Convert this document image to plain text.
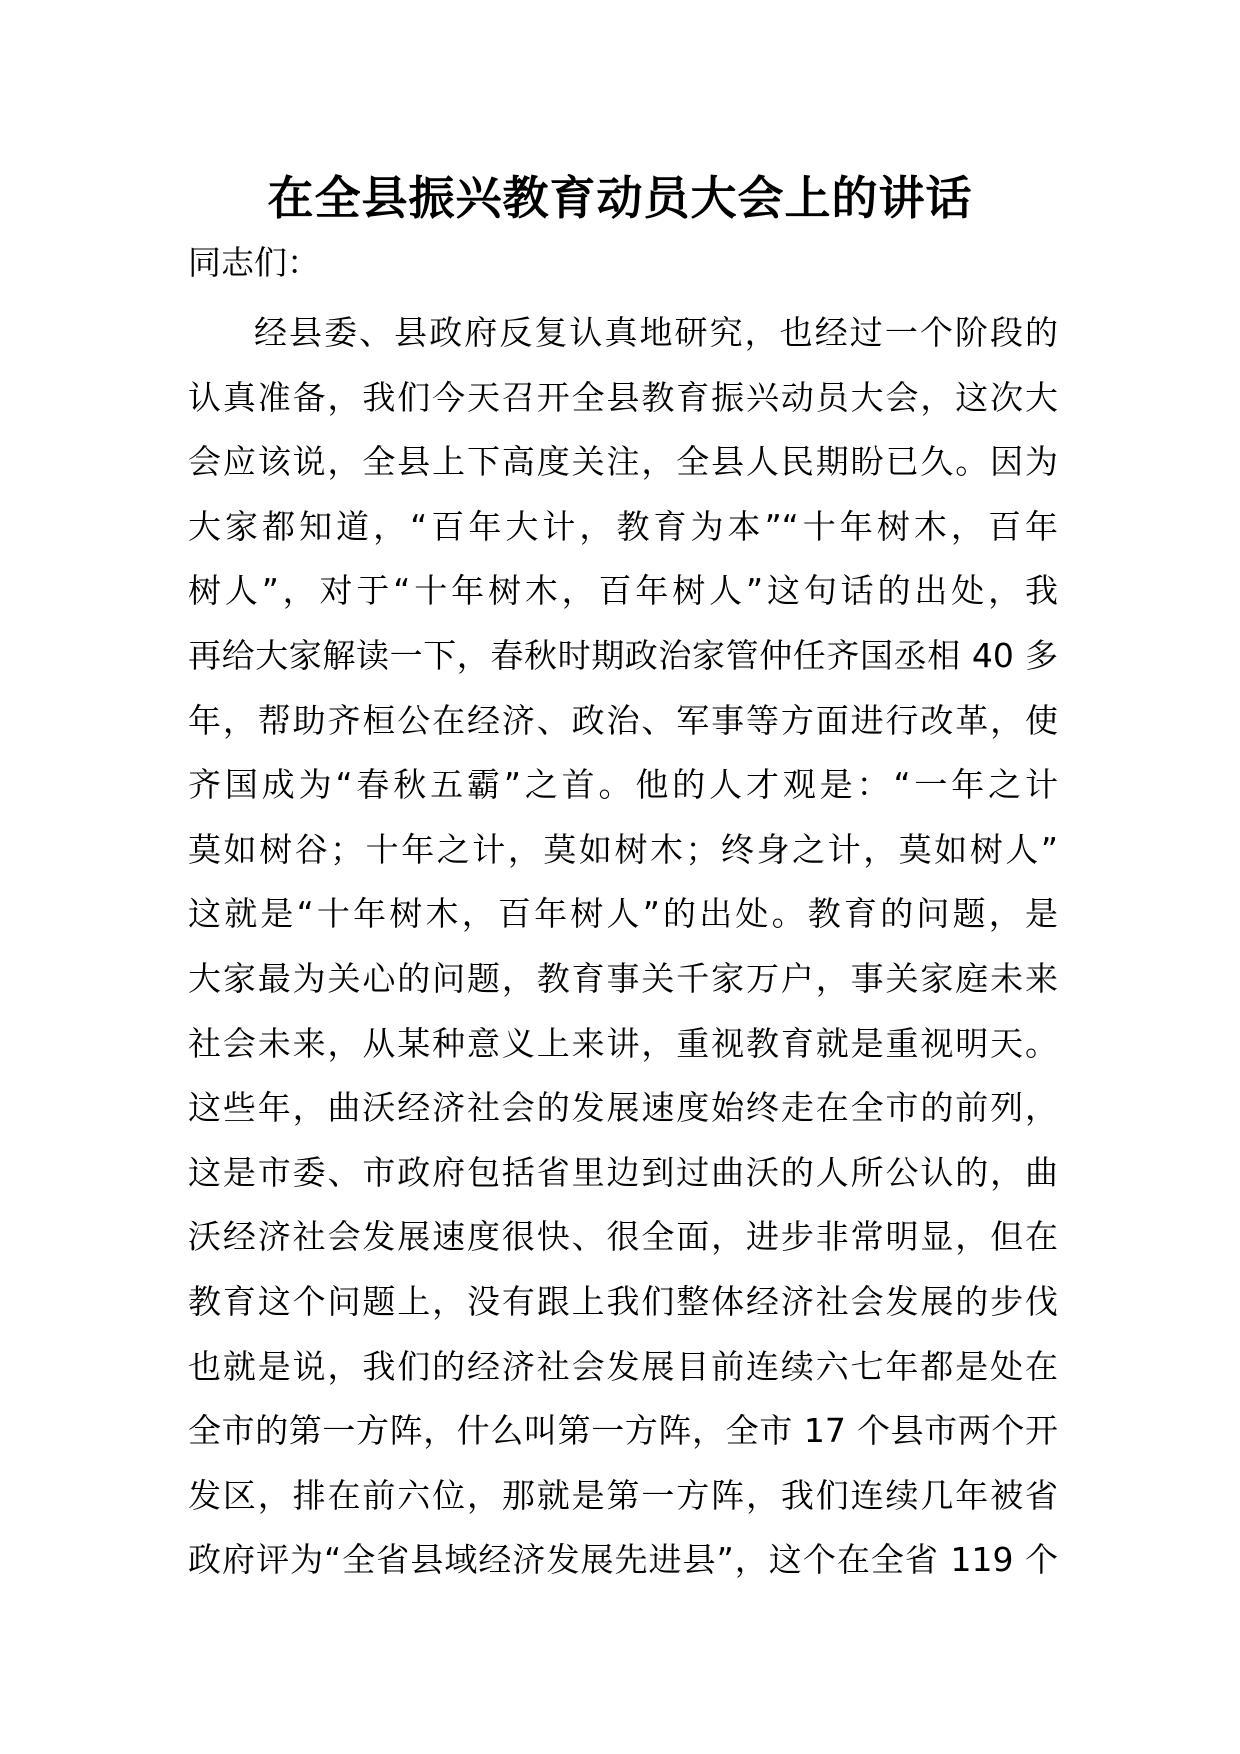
在全县振兴教育动员大会上的讲话
同志们：
经县委、县政府反复认真地研究，也经过一个阶段的
认真准备，我们今天召开全县教育振兴动员大会，这次大
会应该说，全县上下高度关注，全县人民期盼已久。因为
大家都知道，“百年大计，教育为本”“十年树木，百年
树人”，对于“十年树木，百年树人”这句话的出处，我
再给大家解读一下，春秋时期政治家管仲任齐国丞相 40 多
年，帮助齐桓公在经济、政治、军事等方面进行改革，使
齐国成为“春秋五霸”之首。他的人才观是：“一年之计
莫如树谷；十年之计，莫如树木；终身之计，莫如树人”
这就是“十年树木，百年树人”的出处。教育的问题，是
大家最为关心的问题，教育事关千家万户，事关家庭未来
社会未来，从某种意义上来讲，重视教育就是重视明天。
这些年，曲沃经济社会的发展速度始终走在全市的前列，
这是市委、市政府包括省里边到过曲沃的人所公认的，曲
沃经济社会发展速度很快、很全面，进步非常明显，但在
教育这个问题上，没有跟上我们整体经济社会发展的步伐
也就是说，我们的经济社会发展目前连续六七年都是处在
全市的第一方阵，什么叫第一方阵，全市 17 个县市两个开
发区，排在前六位，那就是第一方阵，我们连续几年被省
政府评为“全省县域经济发展先进县”，这个在全省 119 个
